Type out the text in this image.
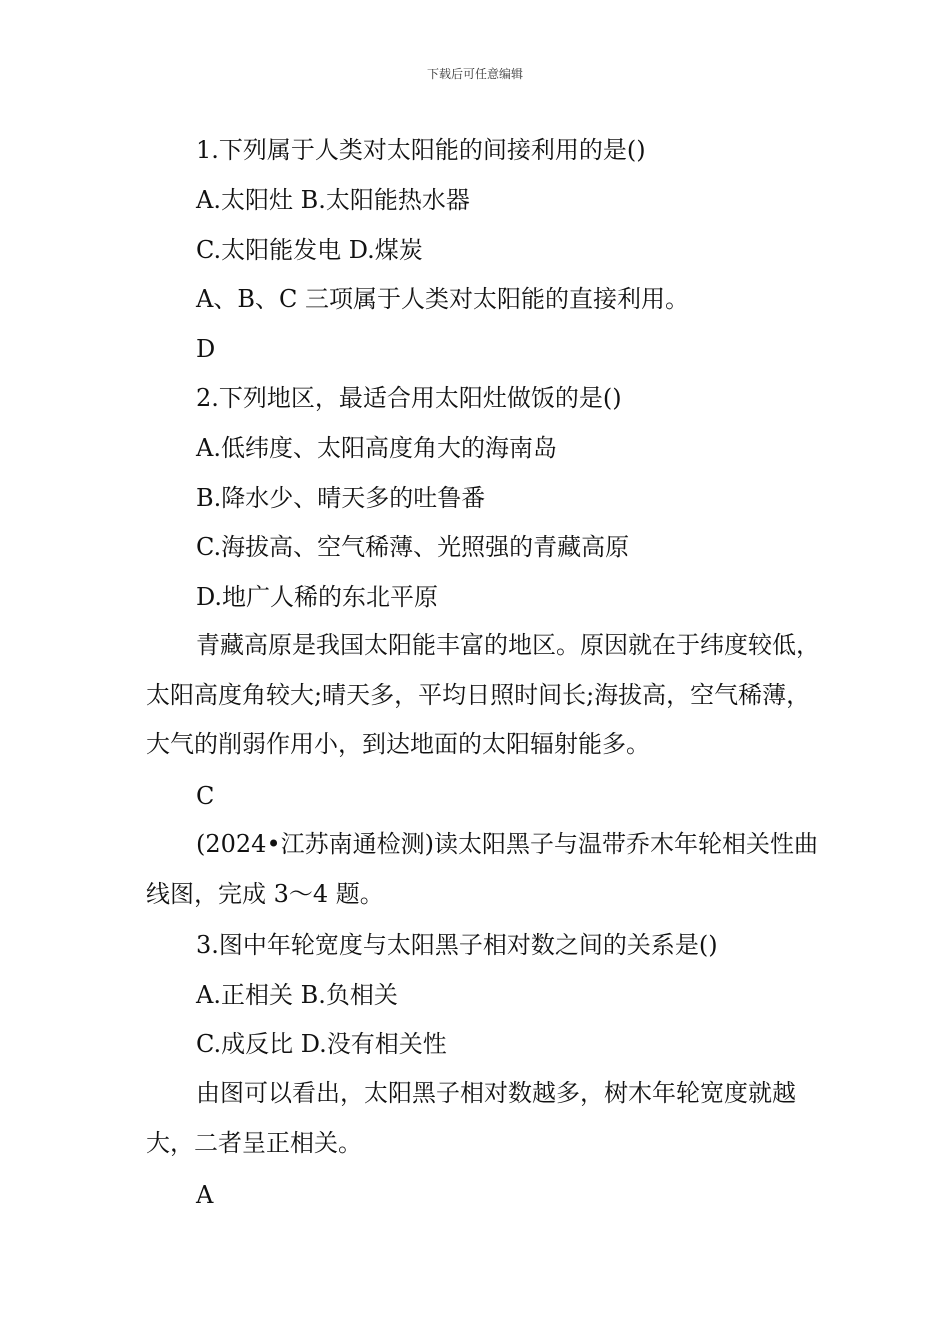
下载后可任意编辑
1.下列属于人类对太阳能的间接利用的是()
A.太阳灶 B.太阳能热水器
C.太阳能发电 D.煤炭
A、B、C 三项属于人类对太阳能的直接利用。
D
2.下列地区，最适合用太阳灶做饭的是()
A.低纬度、太阳高度角大的海南岛
B.降水少、晴天多的吐鲁番
C.海拔高、空气稀薄、光照强的青藏高原
D.地广人稀的东北平原
青藏高原是我国太阳能丰富的地区。原因就在于纬度较低，太阳高度角较大;晴天多，平均日照时间长;海拔高，空气稀薄，大气的削弱作用小，到达地面的太阳辐射能多。
C
(2024•江苏南通检测)读太阳黑子与温带乔木年轮相关性曲线图，完成 3～4 题。
3.图中年轮宽度与太阳黑子相对数之间的关系是()
A.正相关 B.负相关
C.成反比 D.没有相关性
由图可以看出，太阳黑子相对数越多，树木年轮宽度就越大，二者呈正相关。
A
